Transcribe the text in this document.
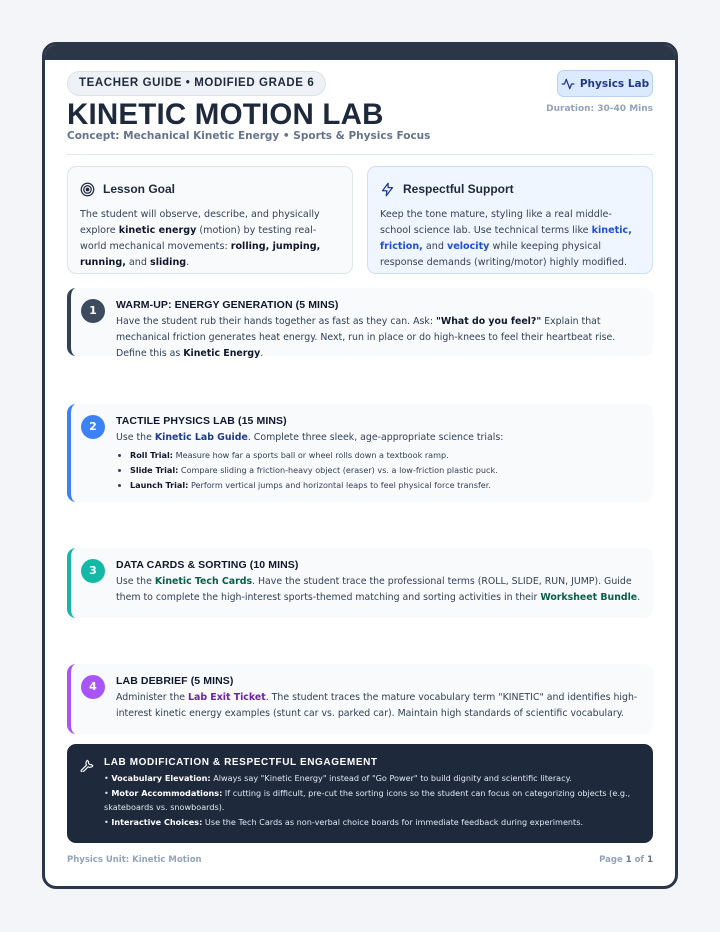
TEACHER GUIDE • MODIFIED GRADE 6
KINETIC MOTION LAB
Concept: Mechanical Kinetic Energy • Sports & Physics Focus
Physics Lab
Duration: 30-40 Mins
Lesson Goal
The student will observe, describe, and physically explore kinetic energy (motion) by testing real-world mechanical movements: rolling, jumping, running, and sliding.
Respectful Support
Keep the tone mature, styling like a real middle-school science lab. Use technical terms like kinetic, friction, and velocity while keeping physical response demands (writing/motor) highly modified.
1	WARM-UP: ENERGY GENERATION (5 MINS)
Have the student rub their hands together as fast as they can. Ask: "What do you feel?" Explain that mechanical friction generates heat energy. Next, run in place or do high-knees to feel their heartbeat rise. Define this as Kinetic Energy.
2	TACTILE PHYSICS LAB (15 MINS)
Use the Kinetic Lab Guide. Complete three sleek, age-appropriate science trials:
• Roll Trial: Measure how far a sports ball or wheel rolls down a textbook ramp.
• Slide Trial: Compare sliding a friction-heavy object (eraser) vs. a low-friction plastic puck.
• Launch Trial: Perform vertical jumps and horizontal leaps to feel physical force transfer.
3	DATA CARDS & SORTING (10 MINS)
Use the Kinetic Tech Cards. Have the student trace the professional terms (ROLL, SLIDE, RUN, JUMP). Guide them to complete the high-interest sports-themed matching and sorting activities in their Worksheet Bundle.
4	LAB DEBRIEF (5 MINS)
Administer the Lab Exit Ticket. The student traces the mature vocabulary term "KINETIC" and identifies high-interest kinetic energy examples (stunt car vs. parked car). Maintain high standards of scientific vocabulary.
LAB MODIFICATION & RESPECTFUL ENGAGEMENT
• Vocabulary Elevation: Always say "Kinetic Energy" instead of "Go Power" to build dignity and scientific literacy.
• Motor Accommodations: If cutting is difficult, pre-cut the sorting icons so the student can focus on categorizing objects (e.g., skateboards vs. snowboards).
• Interactive Choices: Use the Tech Cards as non-verbal choice boards for immediate feedback during experiments.
Physics Unit: Kinetic Motion	Page 1 of 1
